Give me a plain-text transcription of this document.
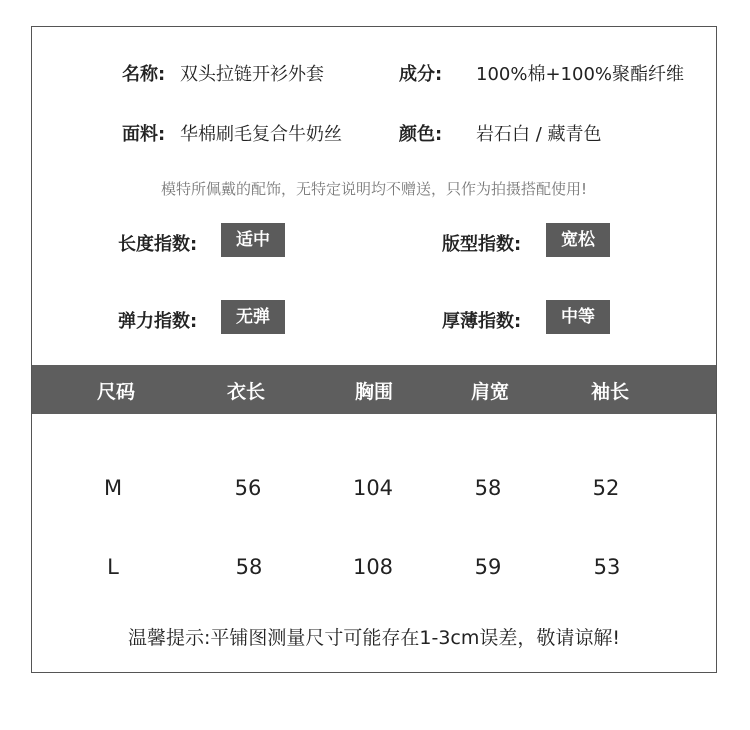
名称: 双头拉链开衫外套	成分: 100%棉+100%聚酯纤维
面料: 华棉刷毛复合牛奶丝	颜色: 岩石白 / 藏青色
模特所佩戴的配饰，无特定说明均不赠送，只作为拍摄搭配使用!
长度指数:	适中	版型指数:	宽松
弹力指数:	无弹	厚薄指数:	中等
尺码	衣长	胸围	肩宽	袖长
M	56	104	58	52
L	58	108	59	53
温馨提示:平铺图测量尺寸可能存在1-3cm误差，敬请谅解!
